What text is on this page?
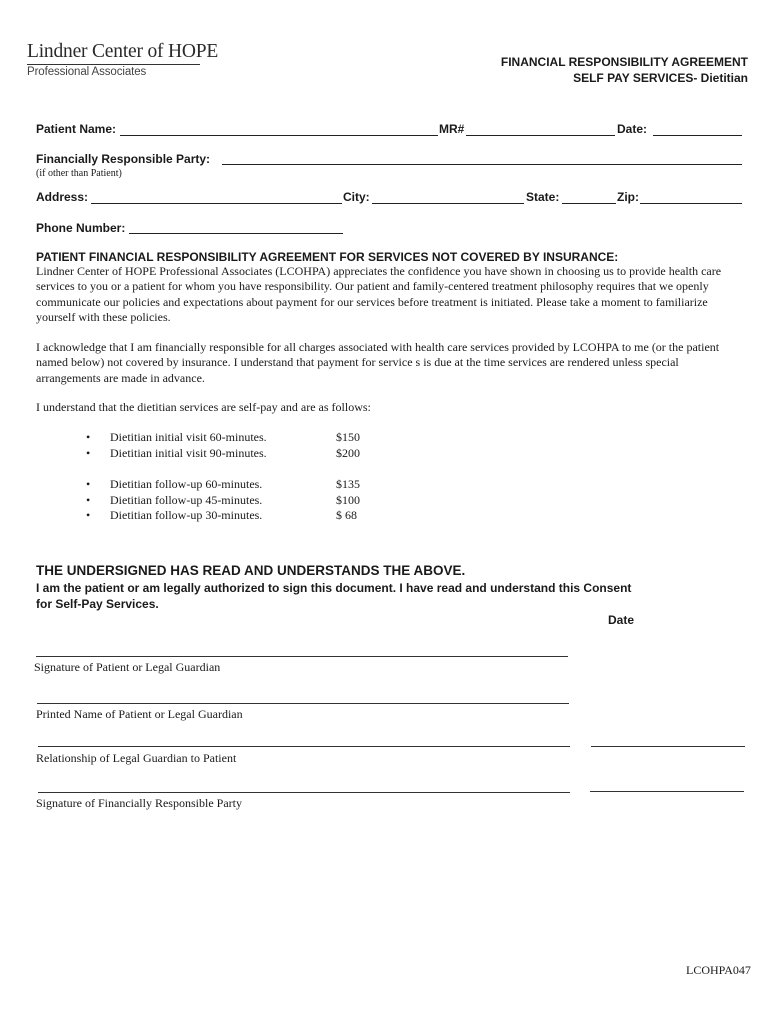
Lindner Center of HOPE
Professional Associates
FINANCIAL RESPONSIBILITY AGREEMENT
SELF PAY SERVICES- Dietitian
Patient Name:	MR#	Date:
Financially Responsible Party:
(if other than Patient)
Address:	City:	State:	Zip:
Phone Number:
PATIENT FINANCIAL RESPONSIBILITY AGREEMENT FOR SERVICES NOT COVERED BY INSURANCE:
Lindner Center of HOPE Professional Associates (LCOHPA) appreciates the confidence you have shown in choosing us to provide health care
services to you or a patient for whom you have responsibility. Our patient and family-centered treatment philosophy requires that we openly
communicate our policies and expectations about payment for our services before treatment is initiated. Please take a moment to familiarize
yourself with these policies.
I acknowledge that I am financially responsible for all charges associated with health care services provided by LCOHPA to me (or the patient
named below) not covered by insurance. I understand that payment for service s is due at the time services are rendered unless special
arrangements are made in advance.
I understand that the dietitian services are self-pay and are as follows:
•	Dietitian initial visit 60-minutes.	$150
•	Dietitian initial visit 90-minutes.	$200
•	Dietitian follow-up 60-minutes.	$135
•	Dietitian follow-up 45-minutes.	$100
•	Dietitian follow-up 30-minutes.	$ 68
THE UNDERSIGNED HAS READ AND UNDERSTANDS THE ABOVE.
I am the patient or am legally authorized to sign this document. I have read and understand this Consent
for Self-Pay Services.
Date
Signature of Patient or Legal Guardian
Printed Name of Patient or Legal Guardian
Relationship of Legal Guardian to Patient
Signature of Financially Responsible Party
LCOHPA047
